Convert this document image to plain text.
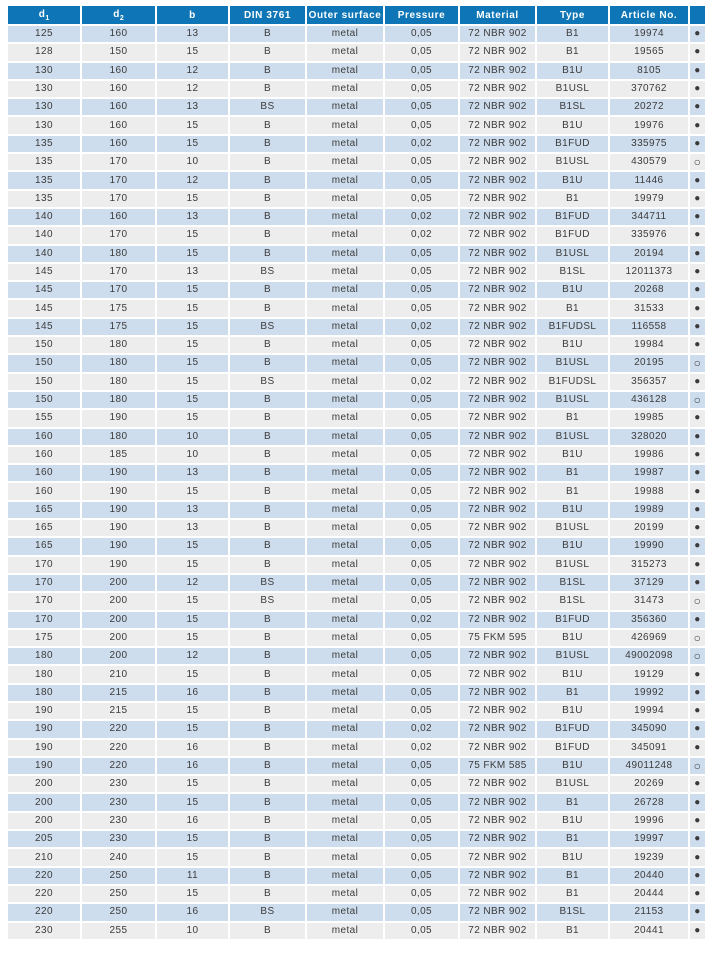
$d_1$	$d_2$	b	DIN 3761	Outer surface	Pressure	Material	Type	Article No.	
125	160	13	B	metal	0,05	72 NBR 902	B1	19974	●
128	150	15	B	metal	0,05	72 NBR 902	B1	19565	●
130	160	12	B	metal	0,05	72 NBR 902	B1U	8105	●
130	160	12	B	metal	0,05	72 NBR 902	B1USL	370762	●
130	160	13	BS	metal	0,05	72 NBR 902	B1SL	20272	●
130	160	15	B	metal	0,05	72 NBR 902	B1U	19976	●
135	160	15	B	metal	0,02	72 NBR 902	B1FUD	335975	●
135	170	10	B	metal	0,05	72 NBR 902	B1USL	430579	○
135	170	12	B	metal	0,05	72 NBR 902	B1U	11446	●
135	170	15	B	metal	0,05	72 NBR 902	B1	19979	●
140	160	13	B	metal	0,02	72 NBR 902	B1FUD	344711	●
140	170	15	B	metal	0,02	72 NBR 902	B1FUD	335976	●
140	180	15	B	metal	0,05	72 NBR 902	B1USL	20194	●
145	170	13	BS	metal	0,05	72 NBR 902	B1SL	12011373	●
145	170	15	B	metal	0,05	72 NBR 902	B1U	20268	●
145	175	15	B	metal	0,05	72 NBR 902	B1	31533	●
145	175	15	BS	metal	0,02	72 NBR 902	B1FUDSL	116558	●
150	180	15	B	metal	0,05	72 NBR 902	B1U	19984	●
150	180	15	B	metal	0,05	72 NBR 902	B1USL	20195	○
150	180	15	BS	metal	0,02	72 NBR 902	B1FUDSL	356357	●
150	180	15	B	metal	0,05	72 NBR 902	B1USL	436128	○
155	190	15	B	metal	0,05	72 NBR 902	B1	19985	●
160	180	10	B	metal	0,05	72 NBR 902	B1USL	328020	●
160	185	10	B	metal	0,05	72 NBR 902	B1U	19986	●
160	190	13	B	metal	0,05	72 NBR 902	B1	19987	●
160	190	15	B	metal	0,05	72 NBR 902	B1	19988	●
165	190	13	B	metal	0,05	72 NBR 902	B1U	19989	●
165	190	13	B	metal	0,05	72 NBR 902	B1USL	20199	●
165	190	15	B	metal	0,05	72 NBR 902	B1U	19990	●
170	190	15	B	metal	0,05	72 NBR 902	B1USL	315273	●
170	200	12	BS	metal	0,05	72 NBR 902	B1SL	37129	●
170	200	15	BS	metal	0,05	72 NBR 902	B1SL	31473	○
170	200	15	B	metal	0,02	72 NBR 902	B1FUD	356360	●
175	200	15	B	metal	0,05	75 FKM 595	B1U	426969	○
180	200	12	B	metal	0,05	72 NBR 902	B1USL	49002098	○
180	210	15	B	metal	0,05	72 NBR 902	B1U	19129	●
180	215	16	B	metal	0,05	72 NBR 902	B1	19992	●
190	215	15	B	metal	0,05	72 NBR 902	B1U	19994	●
190	220	15	B	metal	0,02	72 NBR 902	B1FUD	345090	●
190	220	16	B	metal	0,02	72 NBR 902	B1FUD	345091	●
190	220	16	B	metal	0,05	75 FKM 585	B1U	49011248	○
200	230	15	B	metal	0,05	72 NBR 902	B1USL	20269	●
200	230	15	B	metal	0,05	72 NBR 902	B1	26728	●
200	230	16	B	metal	0,05	72 NBR 902	B1U	19996	●
205	230	15	B	metal	0,05	72 NBR 902	B1	19997	●
210	240	15	B	metal	0,05	72 NBR 902	B1U	19239	●
220	250	11	B	metal	0,05	72 NBR 902	B1	20440	●
220	250	15	B	metal	0,05	72 NBR 902	B1	20444	●
220	250	16	BS	metal	0,05	72 NBR 902	B1SL	21153	●
230	255	10	B	metal	0,05	72 NBR 902	B1	20441	●
